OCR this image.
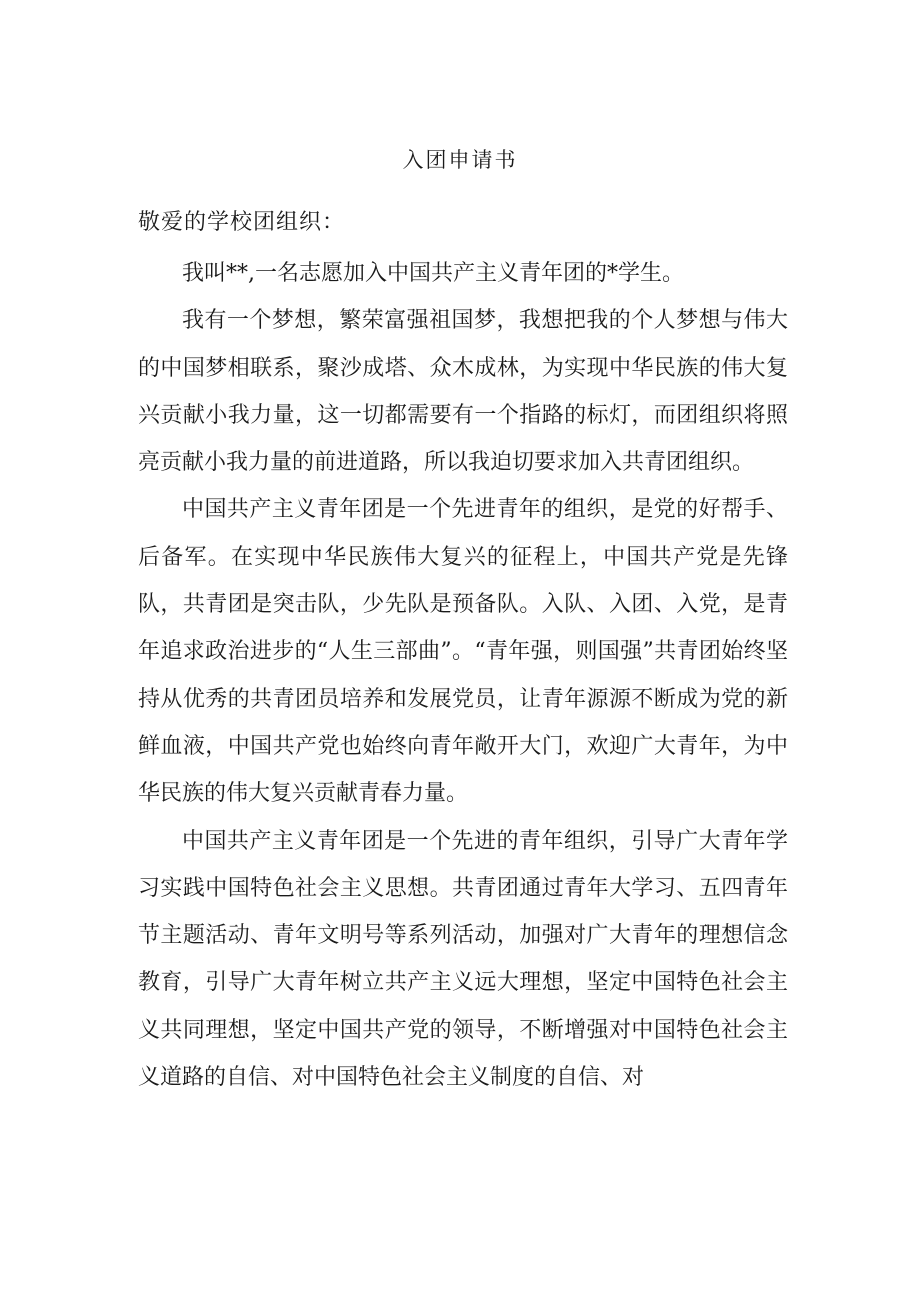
入团申请书
敬爱的学校团组织：

我叫**,一名志愿加入中国共产主义青年团的*学生。

我有一个梦想，繁荣富强祖国梦，我想把我的个人梦想与伟大的中国梦相联系，聚沙成塔、众木成林，为实现中华民族的伟大复兴贡献小我力量，这一切都需要有一个指路的标灯，而团组织将照亮贡献小我力量的前进道路，所以我迫切要求加入共青团组织。

中国共产主义青年团是一个先进青年的组织，是党的好帮手、后备军。在实现中华民族伟大复兴的征程上，中国共产党是先锋队，共青团是突击队，少先队是预备队。入队、入团、入党，是青年追求政治进步的“人生三部曲”。“青年强，则国强”共青团始终坚持从优秀的共青团员培养和发展党员，让青年源源不断成为党的新鲜血液，中国共产党也始终向青年敞开大门，欢迎广大青年，为中华民族的伟大复兴贡献青春力量。

中国共产主义青年团是一个先进的青年组织，引导广大青年学习实践中国特色社会主义思想。共青团通过青年大学习、五四青年节主题活动、青年文明号等系列活动，加强对广大青年的理想信念教育，引导广大青年树立共产主义远大理想，坚定中国特色社会主义共同理想，坚定中国共产党的领导，不断增强对中国特色社会主义道路的自信、对中国特色社会主义制度的自信、对
